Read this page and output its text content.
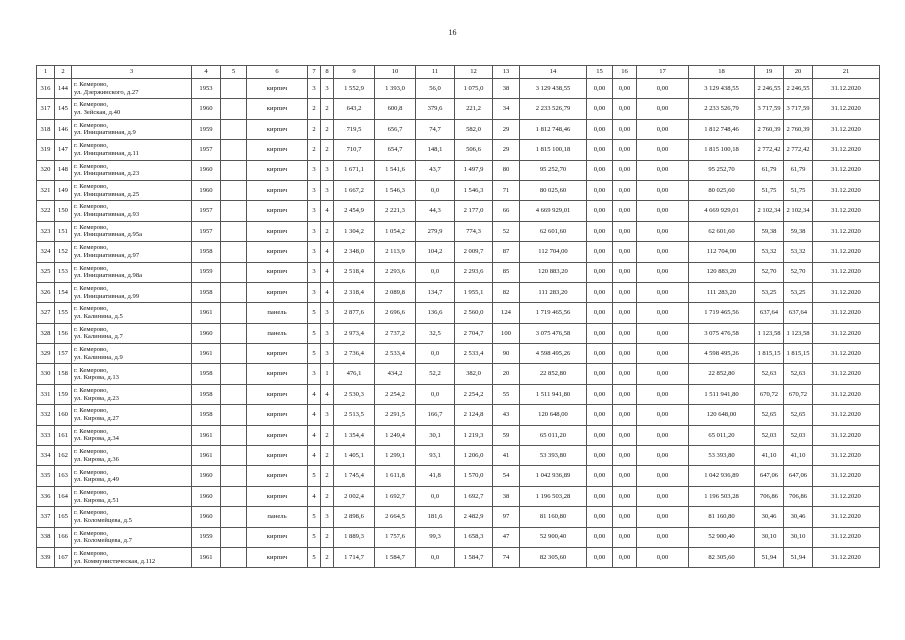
16
1	2	3	4	5	6	7	8	9	10	11	12	13	14	15	16	17	18	19	20	21
316	144	г. Кемерово,
ул. Дзержинского, д.27	1953		кирпич	3	3	1 552,9	1 393,0	56,0	1 075,0	38	3 129 438,55	0,00	0,00	0,00	3 129 438,55	2 246,55	2 246,55	31.12.2020
317	145	г. Кемерово,
ул. Зейская, д.40	1960		кирпич	2	2	643,2	600,8	379,6	221,2	34	2 233 526,79	0,00	0,00	0,00	2 233 526,79	3 717,59	3 717,59	31.12.2020
318	146	г. Кемерово,
ул. Инициативная, д.9	1959		кирпич	2	2	719,5	656,7	74,7	582,0	29	1 812 748,46	0,00	0,00	0,00	1 812 748,46	2 760,39	2 760,39	31.12.2020
319	147	г. Кемерово,
ул. Инициативная, д.11	1957		кирпич	2	2	710,7	654,7	148,1	506,6	29	1 815 100,18	0,00	0,00	0,00	1 815 100,18	2 772,42	2 772,42	31.12.2020
320	148	г. Кемерово,
ул. Инициативная, д.23	1960		кирпич	3	3	1 671,1	1 541,6	43,7	1 497,9	80	95 252,70	0,00	0,00	0,00	95 252,70	61,79	61,79	31.12.2020
321	149	г. Кемерово,
ул. Инициативная, д.25	1960		кирпич	3	3	1 667,2	1 546,3	0,0	1 546,3	71	80 025,60	0,00	0,00	0,00	80 025,60	51,75	51,75	31.12.2020
322	150	г. Кемерово,
ул. Инициативная, д.93	1957		кирпич	3	4	2 454,9	2 221,3	44,3	2 177,0	66	4 669 929,01	0,00	0,00	0,00	4 669 929,01	2 102,34	2 102,34	31.12.2020
323	151	г. Кемерово,
ул. Инициативная, д.95а	1957		кирпич	3	2	1 304,2	1 054,2	279,9	774,3	52	62 601,60	0,00	0,00	0,00	62 601,60	59,38	59,38	31.12.2020
324	152	г. Кемерово,
ул. Инициативная, д.97	1958		кирпич	3	4	2 348,0	2 113,9	104,2	2 009,7	87	112 704,00	0,00	0,00	0,00	112 704,00	53,32	53,32	31.12.2020
325	153	г. Кемерово,
ул. Инициативная, д.98а	1959		кирпич	3	4	2 518,4	2 293,6	0,0	2 293,6	85	120 883,20	0,00	0,00	0,00	120 883,20	52,70	52,70	31.12.2020
326	154	г. Кемерово,
ул. Инициативная, д.99	1958		кирпич	3	4	2 318,4	2 089,8	134,7	1 955,1	82	111 283,20	0,00	0,00	0,00	111 283,20	53,25	53,25	31.12.2020
327	155	г. Кемерово,
ул. Калинина, д.5	1961		панель	5	3	2 877,6	2 696,6	136,6	2 560,0	124	1 719 465,56	0,00	0,00	0,00	1 719 465,56	637,64	637,64	31.12.2020
328	156	г. Кемерово,
ул. Калинина, д.7	1960		панель	5	3	2 973,4	2 737,2	32,5	2 704,7	100	3 075 476,58	0,00	0,00	0,00	3 075 476,58	1 123,58	1 123,58	31.12.2020
329	157	г. Кемерово,
ул. Калинина, д.9	1961		кирпич	5	3	2 736,4	2 533,4	0,0	2 533,4	90	4 598 495,26	0,00	0,00	0,00	4 598 495,26	1 815,15	1 815,15	31.12.2020
330	158	г. Кемерово,
ул. Кирова, д.13	1958		кирпич	3	1	476,1	434,2	52,2	382,0	20	22 852,80	0,00	0,00	0,00	22 852,80	52,63	52,63	31.12.2020
331	159	г. Кемерово,
ул. Кирова, д.23	1958		кирпич	4	4	2 530,3	2 254,2	0,0	2 254,2	55	1 511 941,80	0,00	0,00	0,00	1 511 941,80	670,72	670,72	31.12.2020
332	160	г. Кемерово,
ул. Кирова, д.27	1958		кирпич	4	3	2 513,5	2 291,5	166,7	2 124,8	43	120 648,00	0,00	0,00	0,00	120 648,00	52,65	52,65	31.12.2020
333	161	г. Кемерово,
ул. Кирова, д.34	1961		кирпич	4	2	1 354,4	1 249,4	30,1	1 219,3	59	65 011,20	0,00	0,00	0,00	65 011,20	52,03	52,03	31.12.2020
334	162	г. Кемерово,
ул. Кирова, д.36	1961		кирпич	4	2	1 405,1	1 299,1	93,1	1 206,0	41	53 393,80	0,00	0,00	0,00	53 393,80	41,10	41,10	31.12.2020
335	163	г. Кемерово,
ул. Кирова, д.49	1960		кирпич	5	2	1 745,4	1 611,8	41,8	1 570,0	54	1 042 936,89	0,00	0,00	0,00	1 042 936,89	647,06	647,06	31.12.2020
336	164	г. Кемерово,
ул. Кирова, д.51	1960		кирпич	4	2	2 002,4	1 692,7	0,0	1 692,7	38	1 196 503,28	0,00	0,00	0,00	1 196 503,28	706,86	706,86	31.12.2020
337	165	г. Кемерово,
ул. Коломейцева, д.5	1960		панель	5	3	2 898,6	2 664,5	181,6	2 482,9	97	81 160,80	0,00	0,00	0,00	81 160,80	30,46	30,46	31.12.2020
338	166	г. Кемерово,
ул. Коломейцева, д.7	1959		кирпич	5	2	1 889,3	1 757,6	99,3	1 658,3	47	52 900,40	0,00	0,00	0,00	52 900,40	30,10	30,10	31.12.2020
339	167	г. Кемерово,
ул. Коммунистическая, д.112	1961		кирпич	5	2	1 714,7	1 584,7	0,0	1 584,7	74	82 305,60	0,00	0,00	0,00	82 305,60	51,94	51,94	31.12.2020
